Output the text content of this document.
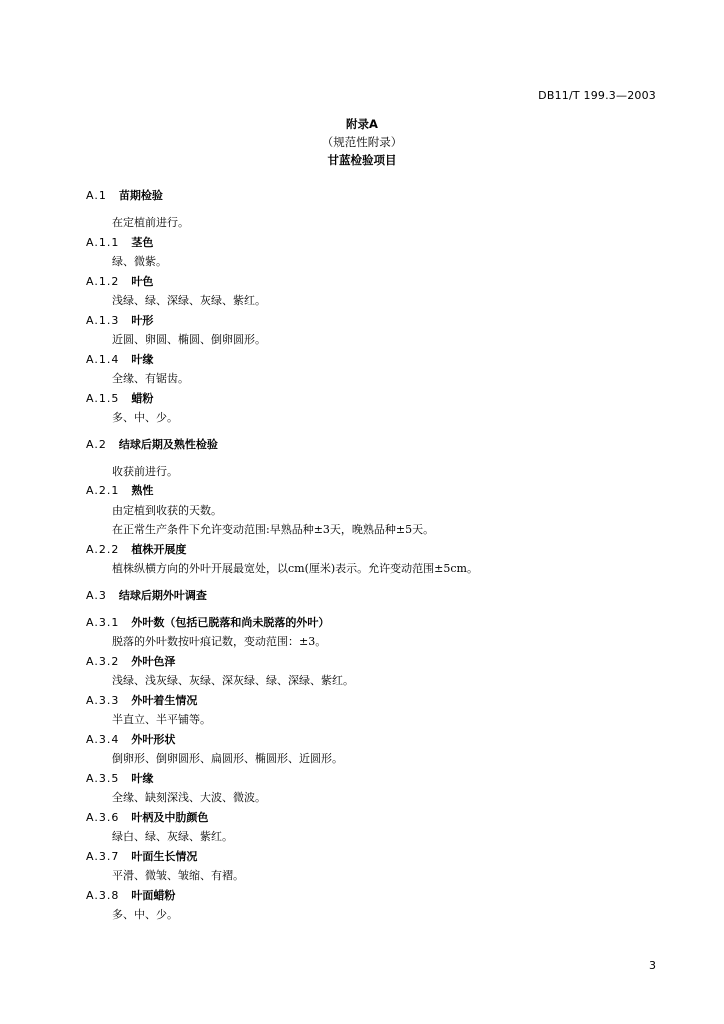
DB11/T 199.3—2003
附录A
（规范性附录）
甘蓝检验项目
A.1 苗期检验
在定植前进行。
A.1.1 茎色
绿、微紫。
A.1.2 叶色
浅绿、绿、深绿、灰绿、紫红。
A.1.3 叶形
近圆、卵圆、椭圆、倒卵圆形。
A.1.4 叶缘
全缘、有锯齿。
A.1.5 蜡粉
多、中、少。
A.2 结球后期及熟性检验
收获前进行。
A.2.1 熟性
由定植到收获的天数。
在正常生产条件下允许变动范围:早熟品种±3天，晚熟品种±5天。
A.2.2 植株开展度
植株纵横方向的外叶开展最宽处，以cm(厘米)表示。允许变动范围±5cm。
A.3 结球后期外叶调查
A.3.1 外叶数（包括已脱落和尚未脱落的外叶）
脱落的外叶数按叶痕记数，变动范围：±3。
A.3.2 外叶色泽
浅绿、浅灰绿、灰绿、深灰绿、绿、深绿、紫红。
A.3.3 外叶着生情况
半直立、半平铺等。
A.3.4 外叶形状
倒卵形、倒卵圆形、扁圆形、椭圆形、近圆形。
A.3.5 叶缘
全缘、缺刻深浅、大波、微波。
A.3.6 叶柄及中肋颜色
绿白、绿、灰绿、紫红。
A.3.7 叶面生长情况
平滑、微皱、皱缩、有褶。
A.3.8 叶面蜡粉
多、中、少。
3
